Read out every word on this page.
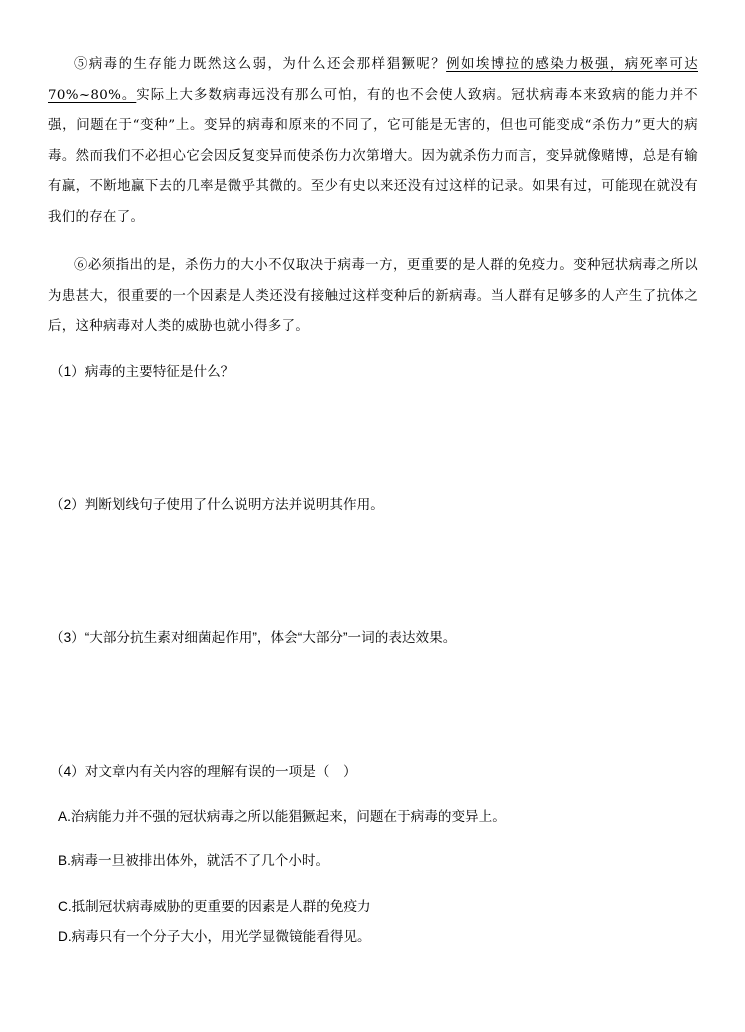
⑤病毒的生存能力既然这么弱，为什么还会那样猖獗呢？例如埃博拉的感染力极强，病死率可达70%~80%。实际上大多数病毒远没有那么可怕，有的也不会使人致病。冠状病毒本来致病的能力并不强，问题在于“变种”上。变异的病毒和原来的不同了，它可能是无害的，但也可能变成“杀伤力”更大的病毒。然而我们不必担心它会因反复变异而使杀伤力次第增大。因为就杀伤力而言，变异就像赌博，总是有输有赢，不断地赢下去的几率是微乎其微的。至少有史以来还没有过这样的记录。如果有过，可能现在就没有我们的存在了。
⑥必须指出的是，杀伤力的大小不仅取决于病毒一方，更重要的是人群的免疫力。变种冠状病毒之所以为患甚大，很重要的一个因素是人类还没有接触过这样变种后的新病毒。当人群有足够多的人产生了抗体之后，这种病毒对人类的威胁也就小得多了。
（1）病毒的主要特征是什么？
（2）判断划线句子使用了什么说明方法并说明其作用。
（3）“大部分抗生素对细菌起作用”，体会“大部分”一词的表达效果。
（4）对文章内有关内容的理解有误的一项是（　）
A.治病能力并不强的冠状病毒之所以能猖獗起来，问题在于病毒的变异上。
B.病毒一旦被排出体外，就活不了几个小时。
C.抵制冠状病毒威胁的更重要的因素是人群的免疫力
D.病毒只有一个分子大小，用光学显微镜能看得见。
